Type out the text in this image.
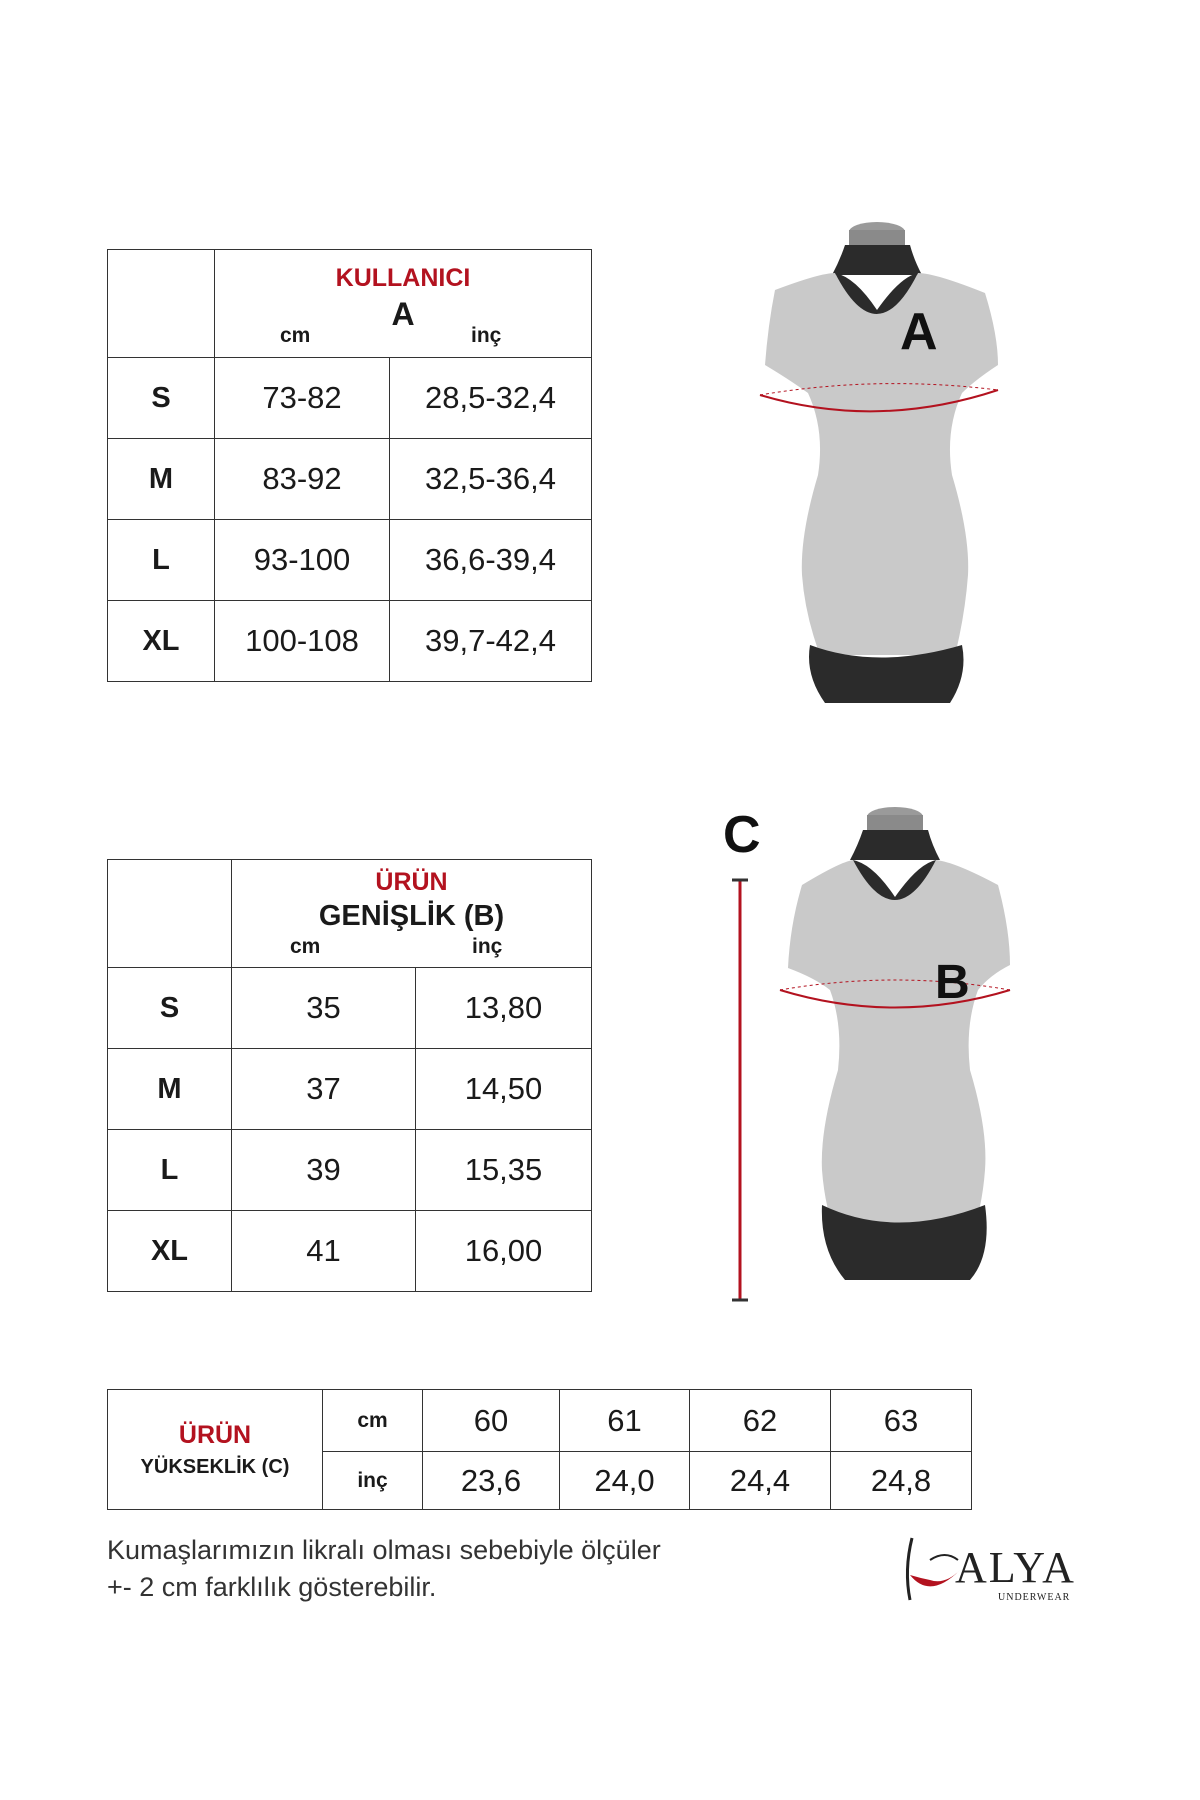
	KULLANICI
A
cm inç	

S	73-82	28,5-32,4
M	83-92	32,5-36,4
L	93-100	36,6-39,4
XL	100-108	39,7-42,4

	ÜRÜN
GENİŞLİK (B)
cm inç	

S	35	13,80
M	37	14,50
L	39	15,35
XL	41	16,00
ÜRÜN
YÜKSEKLİK (C)	cm	60	61	62	63
	inç	23,6	24,0	24,4	24,8
A
C
B
Kumaşlarımızın likralı olması sebebiyle ölçüler
+- 2 cm farklılık gösterebilir.	ALYA
UNDERWEAR
